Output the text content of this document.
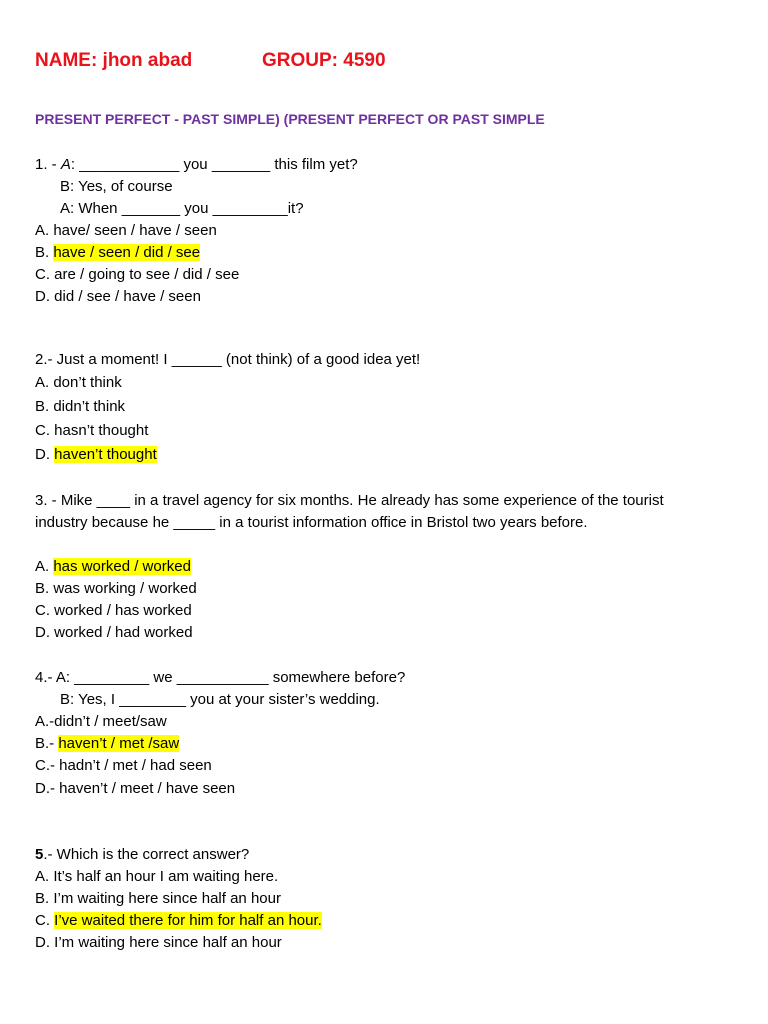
NAME: jhon abad	GROUP: 4590
PRESENT PERFECT - PAST SIMPLE) (PRESENT PERFECT OR PAST SIMPLE
1. - A: ____________ you _______ this film yet?
B: Yes, of course
A: When _______ you _________it?
A. have/ seen / have / seen
B. have / seen / did / see
C. are / going to see / did / see
D. did / see / have / seen
2.- Just a moment! I ______ (not think) of a good idea yet!
A. don’t think
B. didn’t think
C. hasn’t thought
D. haven’t thought
3. - Mike ____ in a travel agency for six months. He already has some experience of the tourist
industry because he _____ in a tourist information office in Bristol two years before.
A. has worked / worked
B. was working / worked
C. worked / has worked
D. worked / had worked
4.- A: _________ we ___________ somewhere before?
B: Yes, I ________ you at your sister’s wedding.
A.-didn’t / meet/saw
B.- haven’t / met /saw
C.- hadn’t / met / had seen
D.- haven’t / meet / have seen
5.- Which is the correct answer?
A. It’s half an hour I am waiting here.
B. I’m waiting here since half an hour
C. I’ve waited there for him for half an hour.
D. I’m waiting here since half an hour
